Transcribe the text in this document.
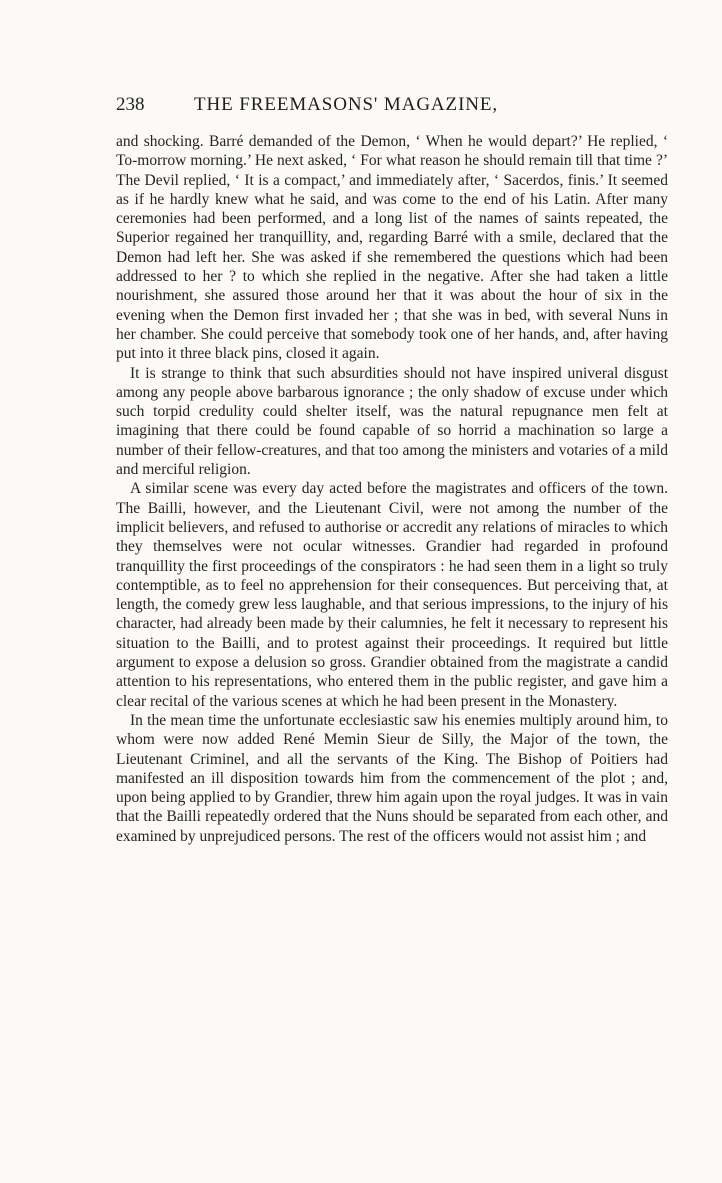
238	THE FREEMASONS' MAGAZINE,

and shocking. Barré demanded of the Demon, ‘ When he would depart?’ He replied, ‘ To-morrow morning.’ He next asked, ‘ For what reason he should remain till that time ?’ The Devil replied, ‘ It is a compact,’ and immediately after, ‘ Sacerdos, finis.’ It seemed as if he hardly knew what he said, and was come to the end of his Latin. After many ceremonies had been performed, and a long list of the names of saints repeated, the Superior regained her tranquillity, and, regarding Barré with a smile, declared that the Demon had left her. She was asked if she remembered the questions which had been addressed to her ? to which she replied in the negative. After she had taken a little nourishment, she assured those around her that it was about the hour of six in the evening when the Demon first invaded her ; that she was in bed, with several Nuns in her chamber. She could perceive that somebody took one of her hands, and, after having put into it three black pins, closed it again.

It is strange to think that such absurdities should not have inspired univeral disgust among any people above barbarous ignorance ; the only shadow of excuse under which such torpid credulity could shelter itself, was the natural repugnance men felt at imagining that there could be found capable of so horrid a machination so large a number of their fellow-creatures, and that too among the ministers and votaries of a mild and merciful religion.

A similar scene was every day acted before the magistrates and officers of the town. The Bailli, however, and the Lieutenant Civil, were not among the number of the implicit believers, and refused to authorise or accredit any relations of miracles to which they themselves were not ocular witnesses. Grandier had regarded in profound tranquillity the first proceedings of the conspirators : he had seen them in a light so truly contemptible, as to feel no apprehension for their consequences. But perceiving that, at length, the comedy grew less laughable, and that serious impressions, to the injury of his character, had already been made by their calumnies, he felt it necessary to represent his situation to the Bailli, and to protest against their proceedings. It required but little argument to expose a delusion so gross. Grandier obtained from the magistrate a candid attention to his representations, who entered them in the public register, and gave him a clear recital of the various scenes at which he had been present in the Monastery.

In the mean time the unfortunate ecclesiastic saw his enemies multiply around him, to whom were now added René Memin Sieur de Silly, the Major of the town, the Lieutenant Criminel, and all the servants of the King. The Bishop of Poitiers had manifested an ill disposition towards him from the commencement of the plot ; and, upon being applied to by Grandier, threw him again upon the royal judges. It was in vain that the Bailli repeatedly ordered that the Nuns should be separated from each other, and examined by unprejudiced persons. The rest of the officers would not assist him ; and
